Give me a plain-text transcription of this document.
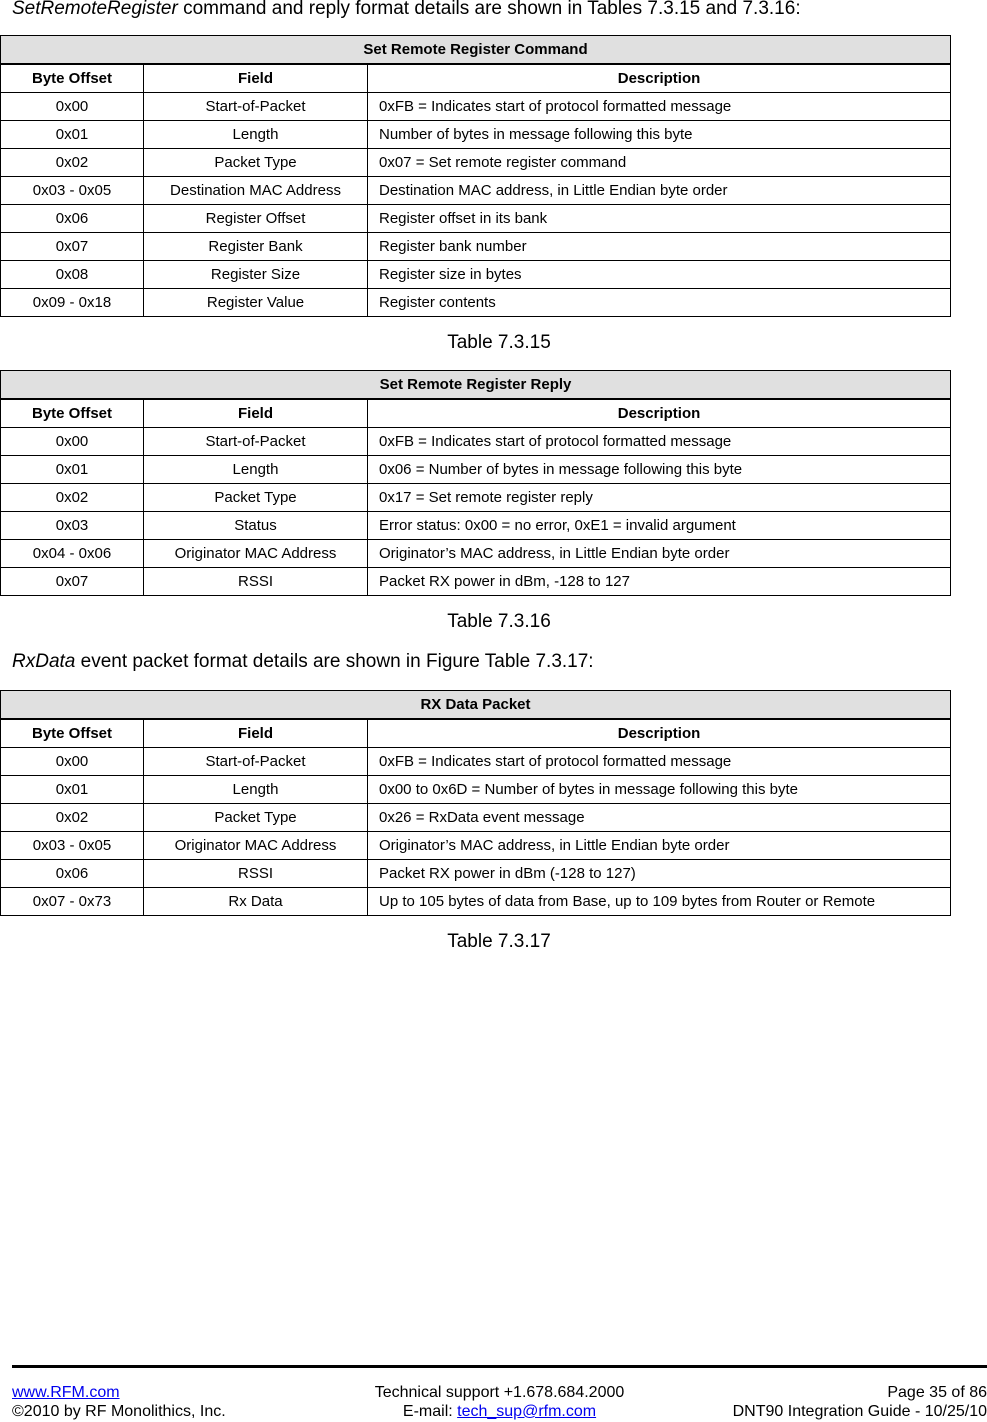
SetRemoteRegister command and reply format details are shown in Tables 7.3.15 and 7.3.16:
Set Remote Register Command		
Byte Offset	Field	Description
0x00	Start-of-Packet	0xFB = Indicates start of protocol formatted message
0x01	Length	Number of bytes in message following this byte
0x02	Packet Type	0x07 = Set remote register command
0x03 - 0x05	Destination MAC Address	Destination MAC address, in Little Endian byte order
0x06	Register Offset	Register offset in its bank
0x07	Register Bank	Register bank number
0x08	Register Size	Register size in bytes
0x09 - 0x18	Register Value	Register contents
Table 7.3.15
Set Remote Register Reply		
Byte Offset	Field	Description
0x00	Start-of-Packet	0xFB = Indicates start of protocol formatted message
0x01	Length	0x06 = Number of bytes in message following this byte
0x02	Packet Type	0x17 = Set remote register reply
0x03	Status	Error status: 0x00 = no error, 0xE1 = invalid argument
0x04 - 0x06	Originator MAC Address	Originator’s MAC address, in Little Endian byte order
0x07	RSSI	Packet RX power in dBm, -128 to 127
Table 7.3.16
RxData event packet format details are shown in Figure Table 7.3.17:
RX Data Packet		
Byte Offset	Field	Description
0x00	Start-of-Packet	0xFB = Indicates start of protocol formatted message
0x01	Length	0x00 to 0x6D = Number of bytes in message following this byte
0x02	Packet Type	0x26 = RxData event message
0x03 - 0x05	Originator MAC Address	Originator’s MAC address, in Little Endian byte order
0x06	RSSI	Packet RX power in dBm (-128 to 127)
0x07 - 0x73	Rx Data	Up to 105 bytes of data from Base, up to 109 bytes from Router or Remote
Table 7.3.17
www.RFM.com	Technical support +1.678.684.2000	Page 35 of 86
©2010 by RF Monolithics, Inc.	E-mail: tech_sup@rfm.com	DNT90 Integration Guide - 10/25/10
